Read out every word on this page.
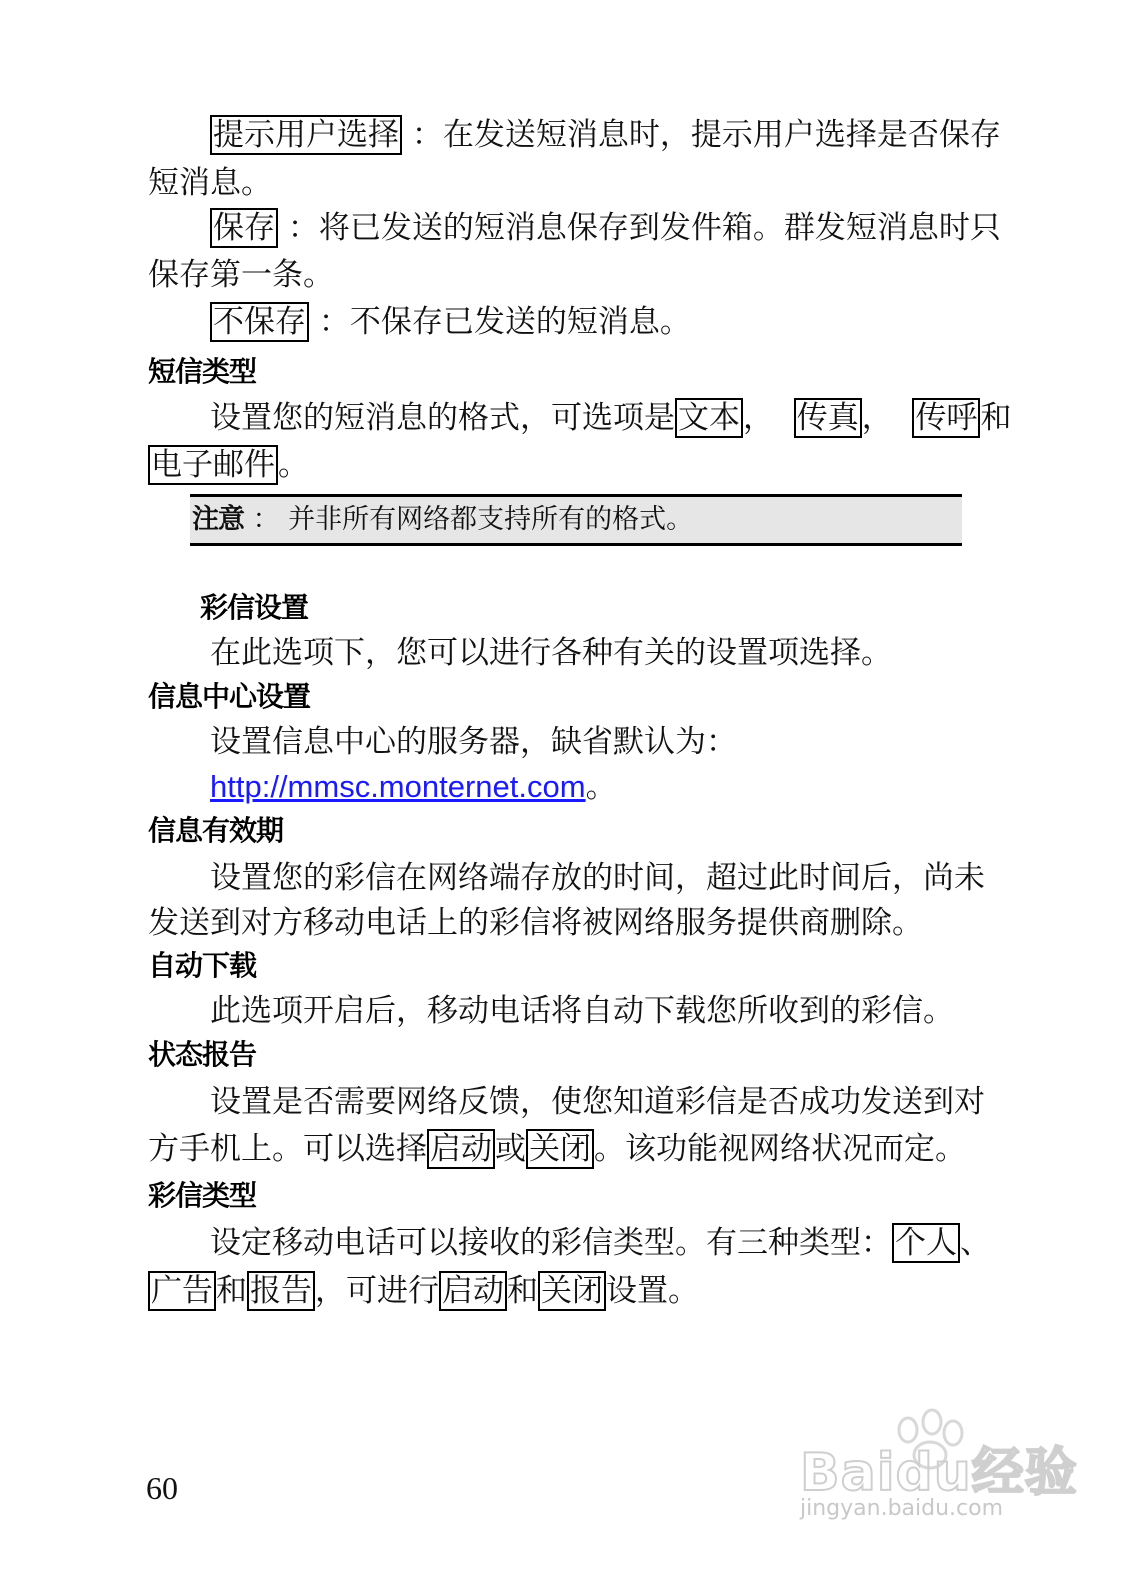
提示用户选择 ：在发送短消息时，提示用户选择是否保存
短消息。
保存 ：将已发送的短消息保存到发件箱。群发短消息时只
保存第一条。
不保存 ：不保存已发送的短消息。
短信类型
设置您的短消息的格式，可选项是文本， 传真， 传呼和
电子邮件。
注意 ： 并非所有网络都支持所有的格式。
彩信设置
在此选项下，您可以进行各种有关的设置项选择。
信息中心设置
设置信息中心的服务器，缺省默认为：
http://mmsc.monternet.com。
信息有效期
设置您的彩信在网络端存放的时间，超过此时间后，尚未
发送到对方移动电话上的彩信将被网络服务提供商删除。
自动下载
此选项开启后，移动电话将自动下载您所收到的彩信。
状态报告
设置是否需要网络反馈，使您知道彩信是否成功发送到对
方手机上。可以选择启动或关闭。该功能视网络状况而定。
彩信类型
设定移动电话可以接收的彩信类型。有三种类型：个人、
广告和报告，可进行启动和关闭设置。
60	Baidu经验
jingyan.baidu.com
